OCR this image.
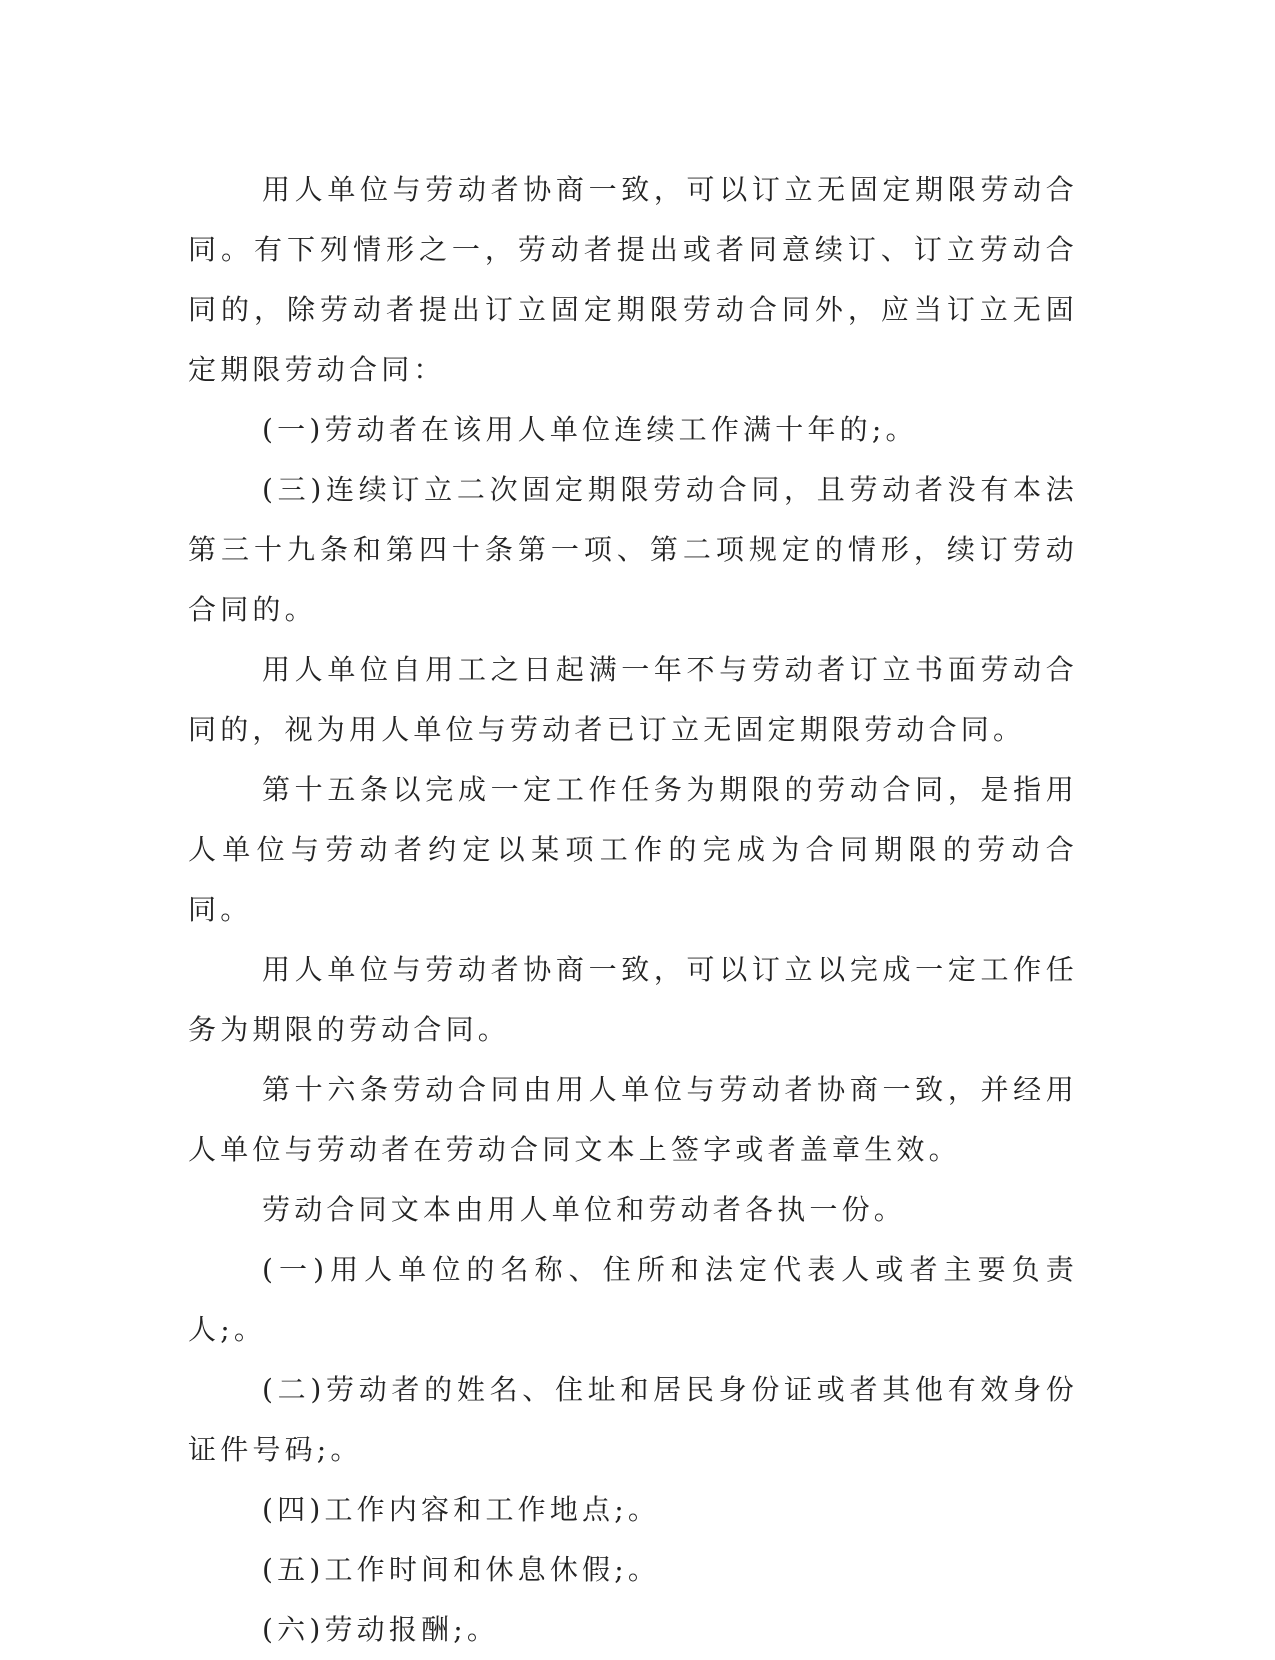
用人单位与劳动者协商一致，可以订立无固定期限劳动合同。有下列情形之一，劳动者提出或者同意续订、订立劳动合同的，除劳动者提出订立固定期限劳动合同外，应当订立无固定期限劳动合同：

(一)劳动者在该用人单位连续工作满十年的;。

(三)连续订立二次固定期限劳动合同，且劳动者没有本法第三十九条和第四十条第一项、第二项规定的情形，续订劳动合同的。

用人单位自用工之日起满一年不与劳动者订立书面劳动合同的，视为用人单位与劳动者已订立无固定期限劳动合同。

第十五条以完成一定工作任务为期限的劳动合同，是指用人单位与劳动者约定以某项工作的完成为合同期限的劳动合同。

用人单位与劳动者协商一致，可以订立以完成一定工作任务为期限的劳动合同。

第十六条劳动合同由用人单位与劳动者协商一致，并经用人单位与劳动者在劳动合同文本上签字或者盖章生效。

劳动合同文本由用人单位和劳动者各执一份。

(一)用人单位的名称、住所和法定代表人或者主要负责人;。

(二)劳动者的姓名、住址和居民身份证或者其他有效身份证件号码;。

(四)工作内容和工作地点;。

(五)工作时间和休息休假;。

(六)劳动报酬;。
